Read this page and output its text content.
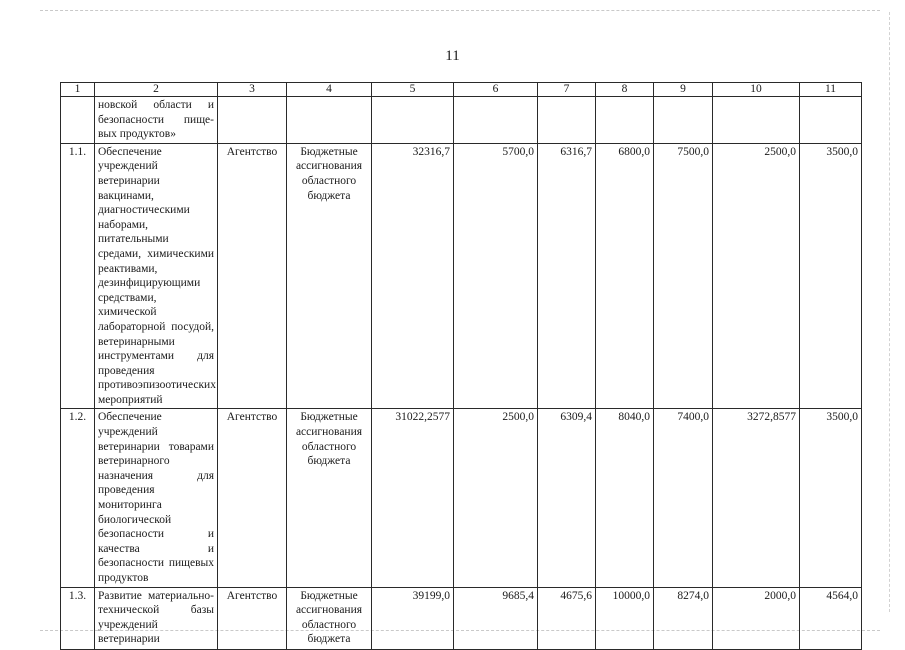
11
1	2	3	4	5	6	7	8	9	10	11
	новской области и безопасности пище-вых продуктов»									
1.1.	Обеспечение учреждений ветеринарии вакцинами, диагностическими наборами, питательными средами, химическими реактивами, дезинфицирующими средствами, химической лабораторной посудой, ветеринарными инструментами для проведения противоэпизоотических мероприятий	Агентство	Бюджетные ассигнования областного бюджета	32316,7	5700,0	6316,7	6800,0	7500,0	2500,0	3500,0
1.2.	Обеспечение учреждений ветеринарии товарами ветеринарного назначения для проведения мониторинга биологической безопасности и качества и безопасности пищевых продуктов	Агентство	Бюджетные ассигнования областного бюджета	31022,2577	2500,0	6309,4	8040,0	7400,0	3272,8577	3500,0
1.3.	Развитие материально-технической базы учреждений ветеринарии	Агентство	Бюджетные ассигнования областного бюджета	39199,0	9685,4	4675,6	10000,0	8274,0	2000,0	4564,0
